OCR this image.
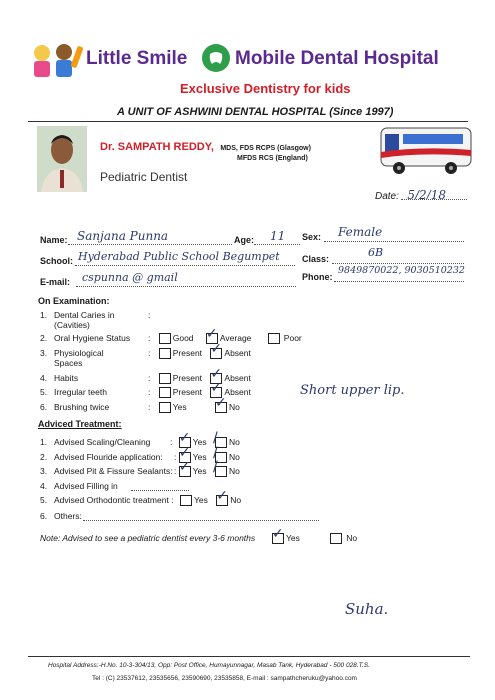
Little Smile	Mobile Dental Hospital
Exclusive Dentistry for kids
A UNIT OF ASHWINI DENTAL HOSPITAL (Since 1997)
Dr. SAMPATH REDDY, MDS, FDS RCPS (Glasgow)
MFDS RCS (England)
Pediatric Dentist
Date: 5/2/18
Name: Sanjana Punna	Age: 11 Sex: Female
School: Hyderabad Public School Begumpet Class:	6B
E-mail: cspunna @ gmail	Phone:
9849870022, 9030510232
On Examination:
1. Dental Caries in
(Cavities)
:
2. Oral Hygiene Status : Good ✓ Average	Poor
3. Physiological
Spaces
: Present ✓ Absent
4. Habits	: Present ✓ Absent
5. Irregular teeth	: Present ✓ Absent
6. Brushing twice	: Yes ✓ No
Short upper lip.
Adviced Treatment:
1. Advised Scaling/Cleaning : ✓ Yes / No
2. Advised Flouride application: : ✓ Yes / No
3. Advised Pit & Fissure Sealants: : ✓ Yes / No
4. Advised Filling in
5. Advised Orthodontic treatment :	Yes ✓ No
6. Others:
Note: Advised to see a pediatric dentist every 3-6 months ✓ Yes	No
Suha.
Hospital Address:-H.No. 10-3-304/13, Opp: Post Office, Humayunnagar, Masab Tank, Hyderabad - 500 028.T.S.
Tel : (C) 23537612, 23535656, 23590690, 23535858, E-mail : sampathcheruku@yahoo.com
